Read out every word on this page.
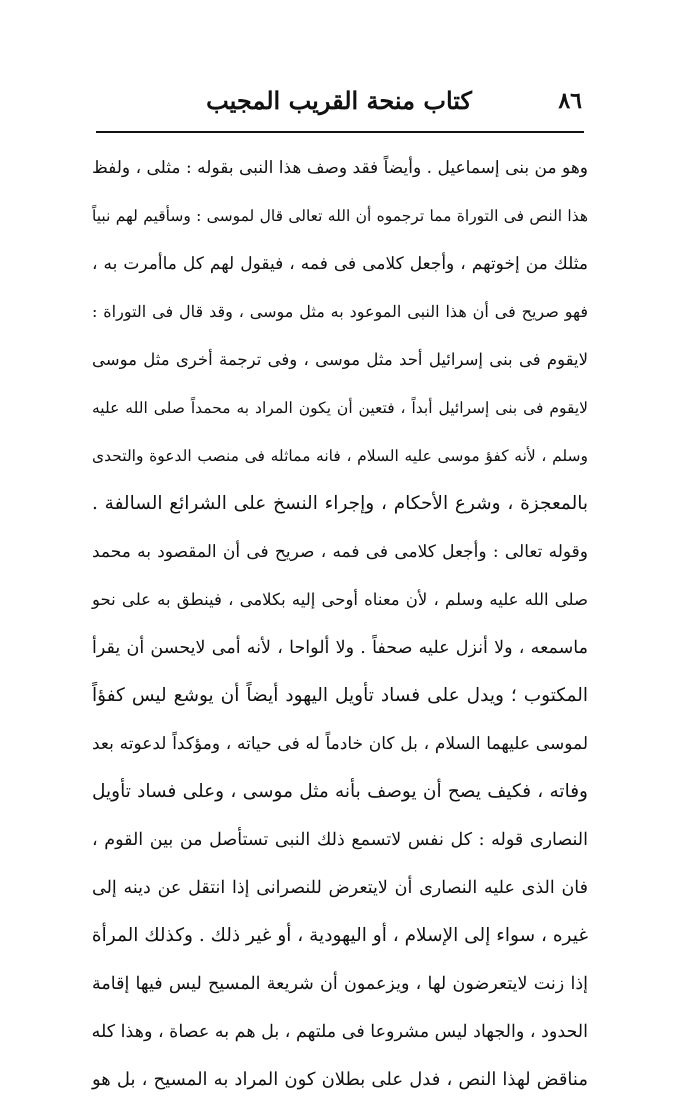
٨٦
كتاب منحة القريب المجيب
وهو من بنى إسماعيل . وأيضاً فقد وصف هذا النبى بقوله : مثلى ، ولفظ
هذا النص فى التوراة مما ترجموه أن الله تعالى قال لموسى : وسأقيم لهم نبياً
مثلك من إخوتهم ، وأجعل كلامى فى فمه ، فيقول لهم كل ماأمرت به ،
فهو صريح فى أن هذا النبى الموعود به مثل موسى ، وقد قال فى التوراة :
لايقوم فى بنى إسرائيل أحد مثل موسى ، وفى ترجمة أخرى مثل موسى
لايقوم فى بنى إسرائيل أبداً ، فتعين أن يكون المراد به محمداً صلى الله عليه
وسلم ، لأنه كفؤ موسى عليه السلام ، فانه مماثله فى منصب الدعوة والتحدى
بالمعجزة ، وشرع الأحكام ، وإجراء النسخ على الشرائع السالفة .
وقوله تعالى : وأجعل كلامى فى فمه ، صريح فى أن المقصود به محمد
صلى الله عليه وسلم ، لأن معناه أوحى إليه بكلامى ، فينطق به على نحو
ماسمعه ، ولا أنزل عليه صحفاً . ولا ألواحا ، لأنه أمى لايحسن أن يقرأ
المكتوب ؛ ويدل على فساد تأويل اليهود أيضاً أن يوشع ليس كفؤاً
لموسى عليهما السلام ، بل كان خادماً له فى حياته ، ومؤكداً لدعوته بعد
وفاته ، فكيف يصح أن يوصف بأنه مثل موسى ، وعلى فساد تأويل
النصارى قوله : كل نفس لاتسمع ذلك النبى تستأصل من بين القوم ،
فان الذى عليه النصارى أن لايتعرض للنصرانى إذا انتقل عن دينه إلى
غيره ، سواء إلى الإسلام ، أو اليهودية ، أو غير ذلك . وكذلك المرأة
إذا زنت لايتعرضون لها ، ويزعمون أن شريعة المسيح ليس فيها إقامة
الحدود ، والجهاد ليس مشروعا فى ملتهم ، بل هم به عصاة ، وهذا كله
مناقض لهذا النص ، فدل على بطلان كون المراد به المسيح ، بل هو
